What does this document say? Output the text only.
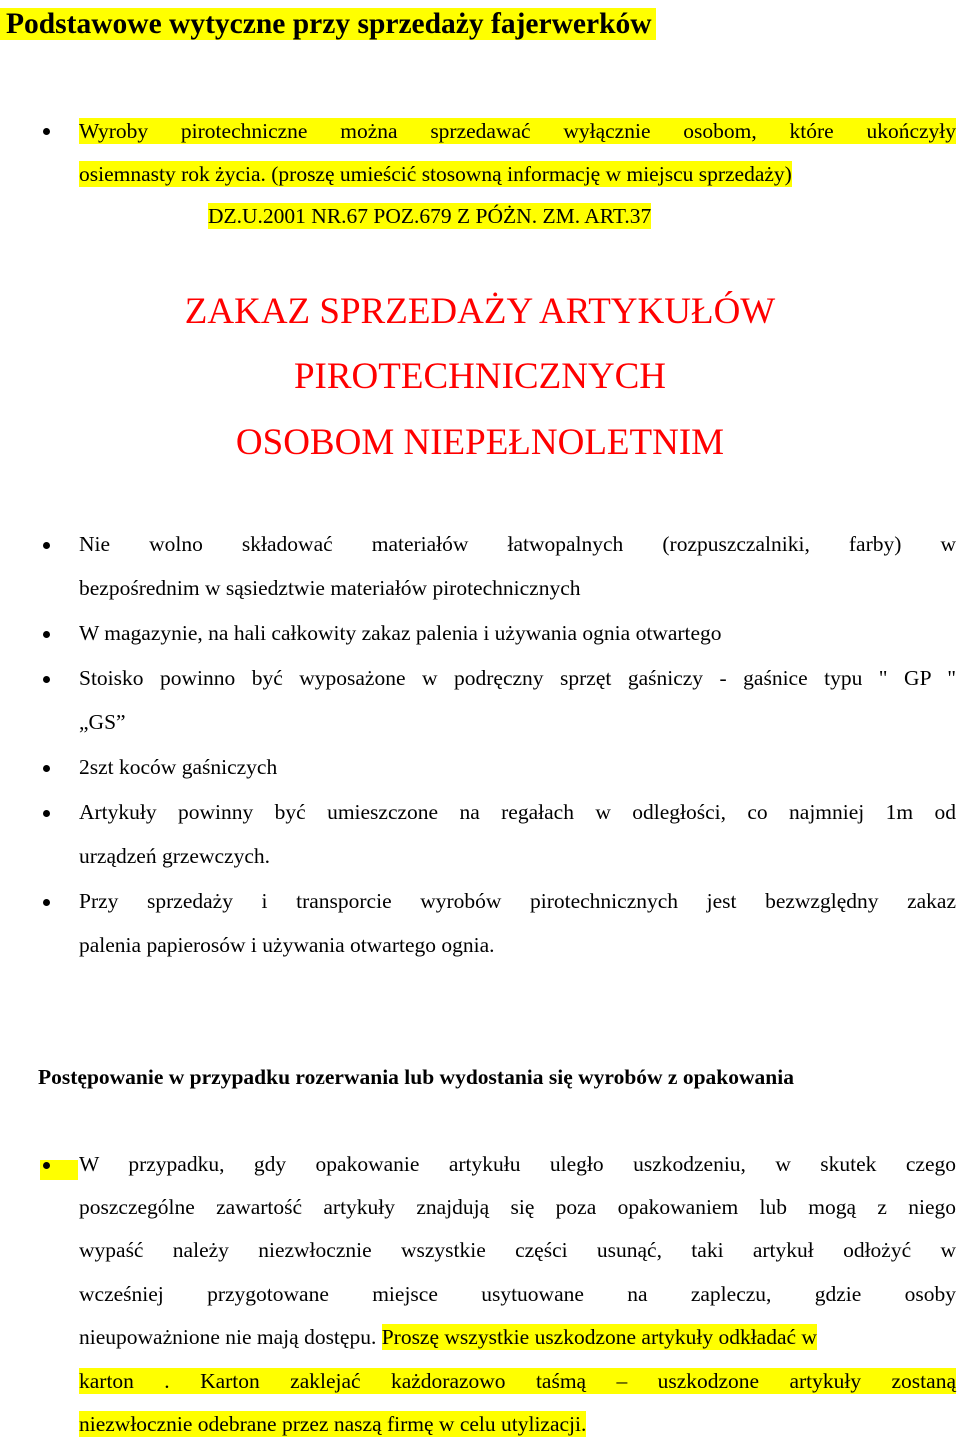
Podstawowe wytyczne przy sprzedaży fajerwerków
Wyroby pirotechniczne można sprzedawać wyłącznie osobom, które ukończyły
osiemnasty rok życia. (proszę umieścić stosowną informację w miejscu sprzedaży)
DZ.U.2001 NR.67 POZ.679 Z PÓŻN. ZM. ART.37
ZAKAZ SPRZEDAŻY ARTYKUŁÓW
PIROTECHNICZNYCH
OSOBOM NIEPEŁNOLETNIM
Nie wolno składować materiałów łatwopalnych (rozpuszczalniki, farby) w
bezpośrednim w sąsiedztwie materiałów pirotechnicznych
W magazynie, na hali całkowity zakaz palenia i używania ognia otwartego
Stoisko powinno być wyposażone w podręczny sprzęt gaśniczy - gaśnice typu " GP "
„GS”
2szt koców gaśniczych
Artykuły powinny być umieszczone na regałach w odległości, co najmniej 1m od
urządzeń grzewczych.
Przy sprzedaży i transporcie wyrobów pirotechnicznych jest bezwzględny zakaz
palenia papierosów i używania otwartego ognia.
Postępowanie w przypadku rozerwania lub wydostania się wyrobów z opakowania
W przypadku, gdy opakowanie artykułu uległo uszkodzeniu, w skutek czego
poszczególne zawartość artykuły znajdują się poza opakowaniem lub mogą z niego
wypaść należy niezwłocznie wszystkie części usunąć, taki artykuł odłożyć w
wcześniej przygotowane miejsce usytuowane na zapleczu, gdzie osoby
nieupoważnione nie mają dostępu. Proszę wszystkie uszkodzone artykuły odkładać w
karton . Karton zaklejać każdorazowo taśmą – uszkodzone artykuły zostaną
niezwłocznie odebrane przez naszą firmę w celu utylizacji.
